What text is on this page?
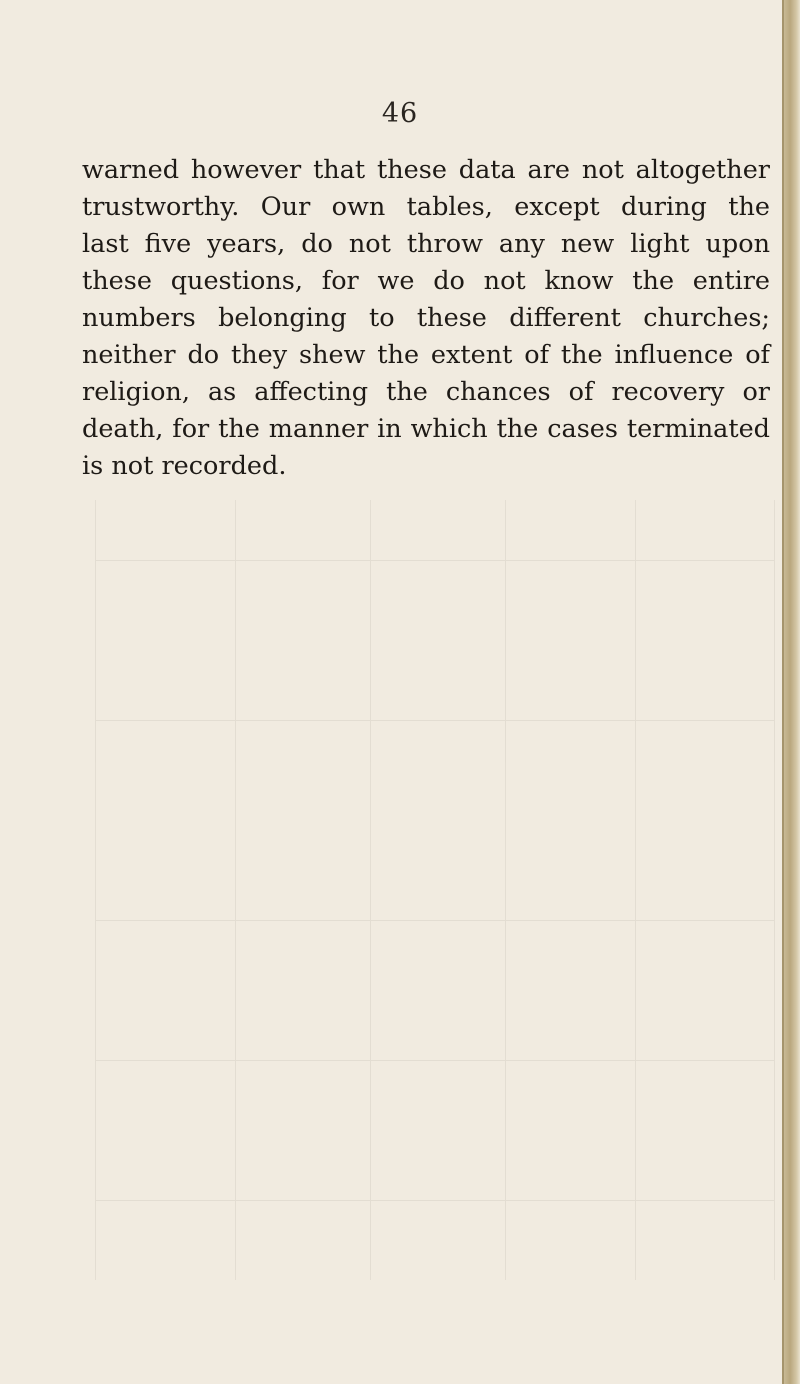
46

warned however that these data are not altogether
trustworthy. Our own tables, except during the
last five years, do not throw any new light upon
these questions, for we do not know the entire
numbers belonging to these different churches;
neither do they shew the extent of the influence of
religion, as affecting the chances of recovery or
death, for the manner in which the cases terminated
is not recorded.
